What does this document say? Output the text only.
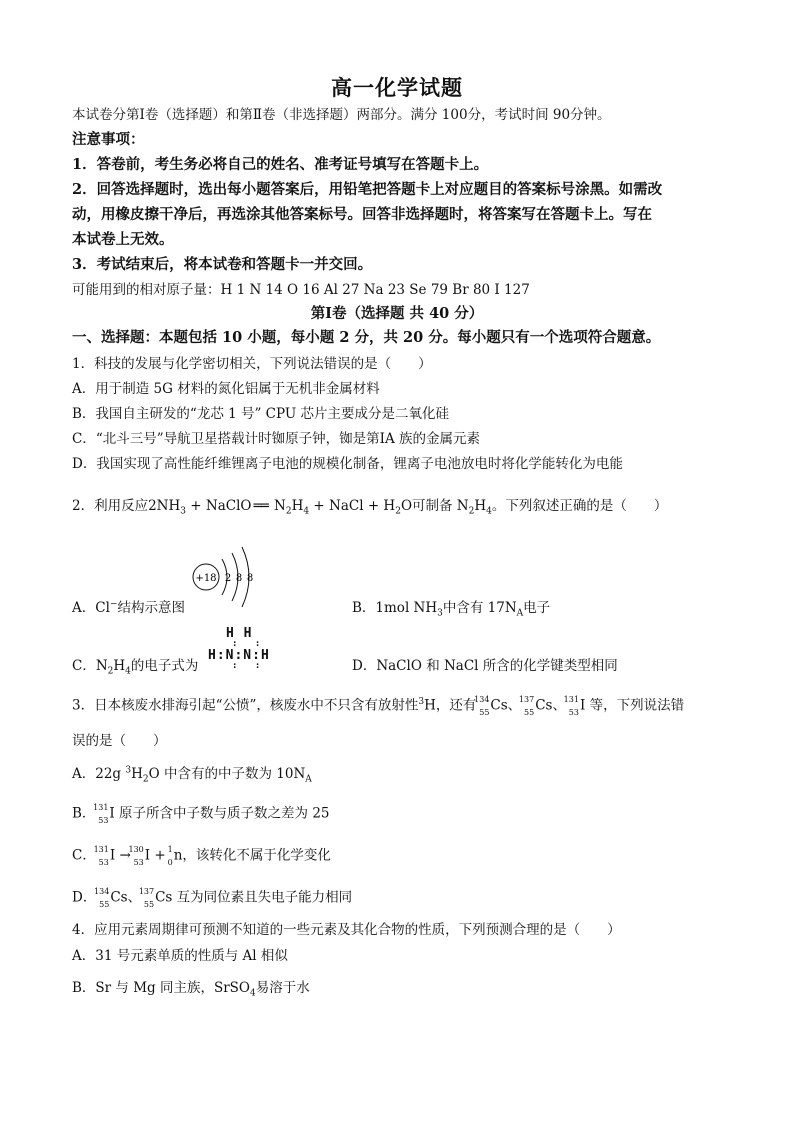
高一化学试题
本试卷分第Ⅰ卷（选择题）和第Ⅱ卷（非选择题）两部分。满分 100分，考试时间 90分钟。
注意事项：
1．答卷前，考生务必将自己的姓名、准考证号填写在答题卡上。
2．回答选择题时，选出每小题答案后，用铅笔把答题卡上对应题目的答案标号涂黑。如需改
动，用橡皮擦干净后，再选涂其他答案标号。回答非选择题时，将答案写在答题卡上。写在
本试卷上无效。
3．考试结束后，将本试卷和答题卡一并交回。
可能用到的相对原子量：H 1 N 14 O 16 Al 27 Na 23 Se 79 Br 80 I 127
第Ⅰ卷（选择题 共 40 分）
一、选择题：本题包括 10 小题，每小题 2 分，共 20 分。每小题只有一个选项符合题意。
1．科技的发展与化学密切相关，下列说法错误的是（　　）
A．用于制造 5G 材料的氮化铝属于无机非金属材料
B．我国自主研发的“龙芯 1 号” CPU 芯片主要成分是二氧化硅
C．“北斗三号”导航卫星搭载计时铷原子钟，铷是第ⅠA 族的金属元素
D．我国实现了高性能纤维锂离子电池的规模化制备，锂离子电池放电时将化学能转化为电能
2．利用反应$2NH_3$ + NaClO ══ $N_2H_4$ + NaCl + $H_2O$可制备 $N_2H_4$。下列叙述正确的是（　　）
+18 2 8 8
A．Cl−结构示意图	B．1mol $NH_3$中含有 $17N_A$电子
H H
: :
H:N:N:H
: :
C．$N_2H_4$的电子式为	D．NaClO 和 NaCl 所含的化学键类型相同
3．日本核废水排海引起“公愤”，核废水中不只含有放射性$^3$H，还有
134
55 Cs、
137
55 Cs、
131
53 I 等，下列说法错
误的是（　　）
A．22g $^3H_2O$ 中含有的中子数为 $10N_A$
B．
131
53 I 原子所含中子数与质子数之差为 25
C．
131
53 I →
130
53 I + 1
0 n，该转化不属于化学变化
D．
134
55 Cs、
137
55 Cs 互为同位素且失电子能力相同
4．应用元素周期律可预测不知道的一些元素及其化合物的性质，下列预测合理的是（　　）
A．31 号元素单质的性质与 Al 相似
B．Sr 与 Mg 同主族，SrSO$_4$易溶于水
